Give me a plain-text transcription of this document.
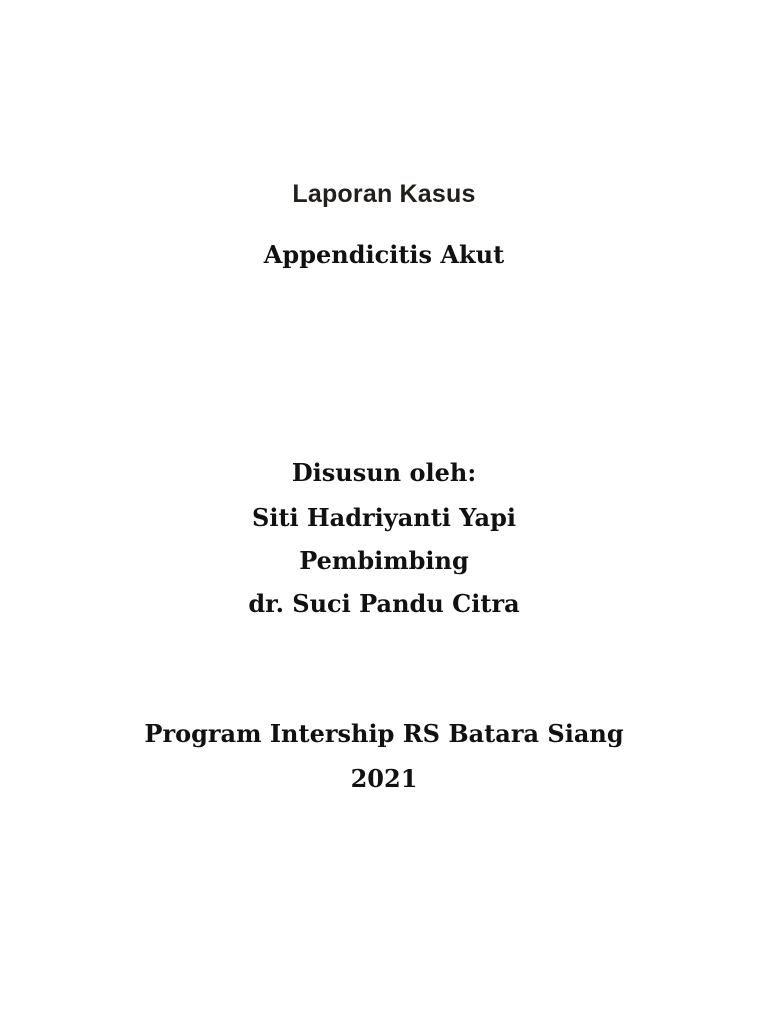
Laporan Kasus
Appendicitis Akut
Disusun oleh:
Siti Hadriyanti Yapi
Pembimbing
dr. Suci Pandu Citra
Program Intership RS Batara Siang
2021
